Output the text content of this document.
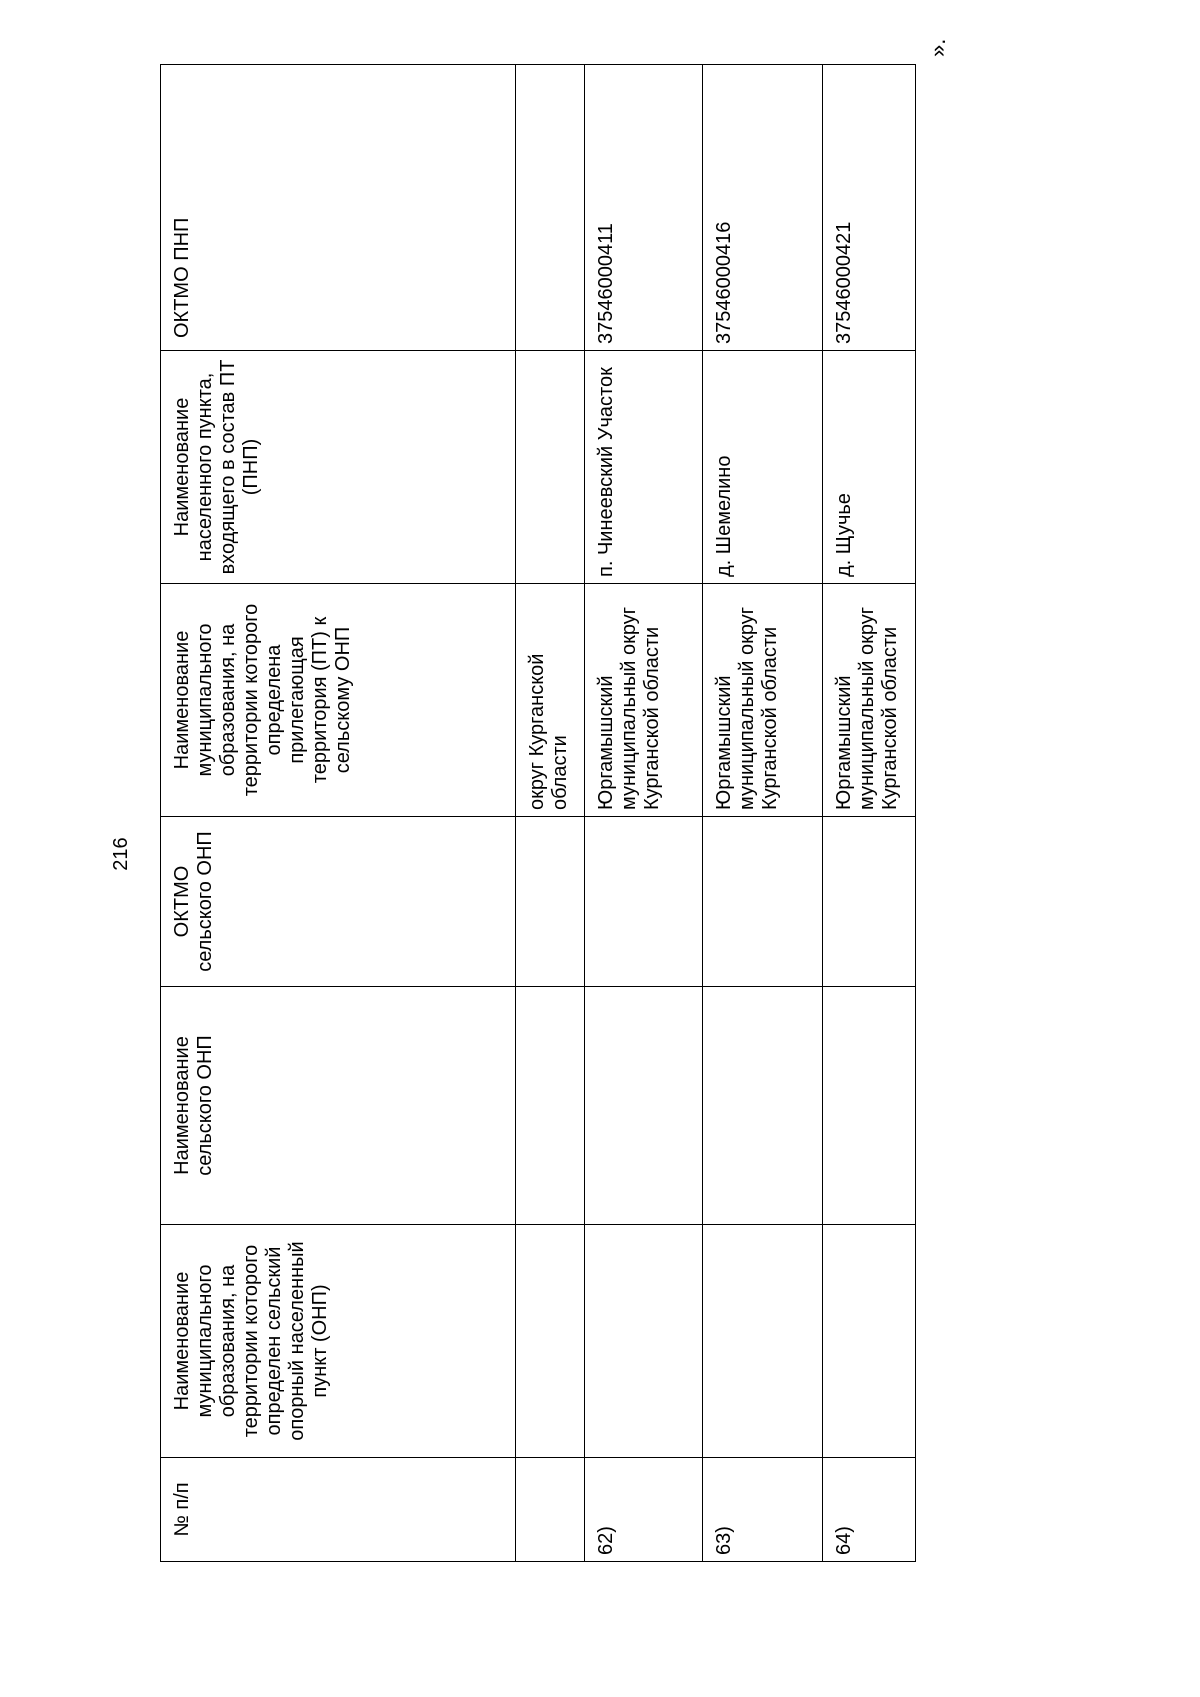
216
№ п/п	Наименование муниципального образования, на территории которого определен сельский опорный населенный пункт (ОНП)	Наименование сельского ОНП	ОКТМО сельского ОНП	Наименование муниципального образования, на территории которого определена прилегающая территория (ПТ) к сельскому ОНП	Наименование населенного пункта, входящего в состав ПТ (ПНП)	ОКТМО ПНП
				округ Курганской области		
62)				Юргамышский муниципальный округ Курганской области	п. Чинеевский Участок	37546000411
63)				Юргамышский муниципальный округ Курганской области	д. Шемелино	37546000416
64)				Юргамышский муниципальный округ Курганской области	д. Щучье	37546000421
».
